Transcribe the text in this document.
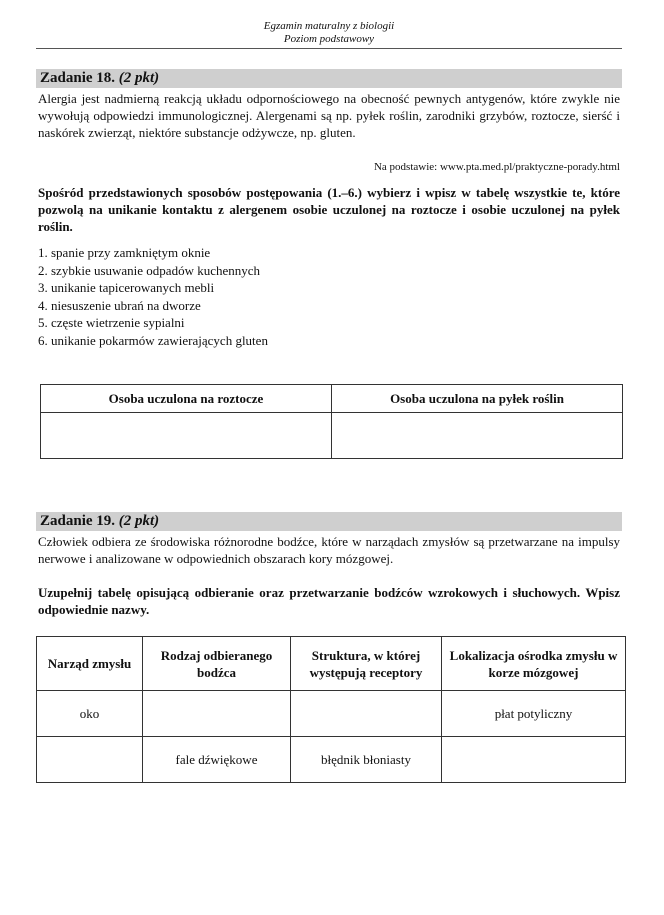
Egzamin maturalny z biologii
Poziom podstawowy
Zadanie 18. (2 pkt)
Alergia jest nadmierną reakcją układu odpornościowego na obecność pewnych antygenów, które zwykle nie wywołują odpowiedzi immunologicznej. Alergenami są np. pyłek roślin, zarodniki grzybów, roztocze, sierść i naskórek zwierząt, niektóre substancje odżywcze, np. gluten.
Na podstawie: www.pta.med.pl/praktyczne-porady.html
Spośród przedstawionych sposobów postępowania (1.–6.) wybierz i wpisz w tabelę wszystkie te, które pozwolą na unikanie kontaktu z alergenem osobie uczulonej na roztocze i osobie uczulonej na pyłek roślin.
1. spanie przy zamkniętym oknie
2. szybkie usuwanie odpadów kuchennych
3. unikanie tapicerowanych mebli
4. niesuszenie ubrań na dworze
5. częste wietrzenie sypialni
6. unikanie pokarmów zawierających gluten
Osoba uczulona na roztocze	Osoba uczulona na pyłek roślin

Zadanie 19. (2 pkt)
Człowiek odbiera ze środowiska różnorodne bodźce, które w narządach zmysłów są przetwarzane na impulsy nerwowe i analizowane w odpowiednich obszarach kory mózgowej.
Uzupełnij tabelę opisującą odbieranie oraz przetwarzanie bodźców wzrokowych i słuchowych. Wpisz odpowiednie nazwy.
Narząd zmysłu	Rodzaj odbieranego bodźca	Struktura, w której występują receptory	Lokalizacja ośrodka zmysłu w korze mózgowej
oko			płat potyliczny
	fale dźwiękowe	błędnik błoniasty	
